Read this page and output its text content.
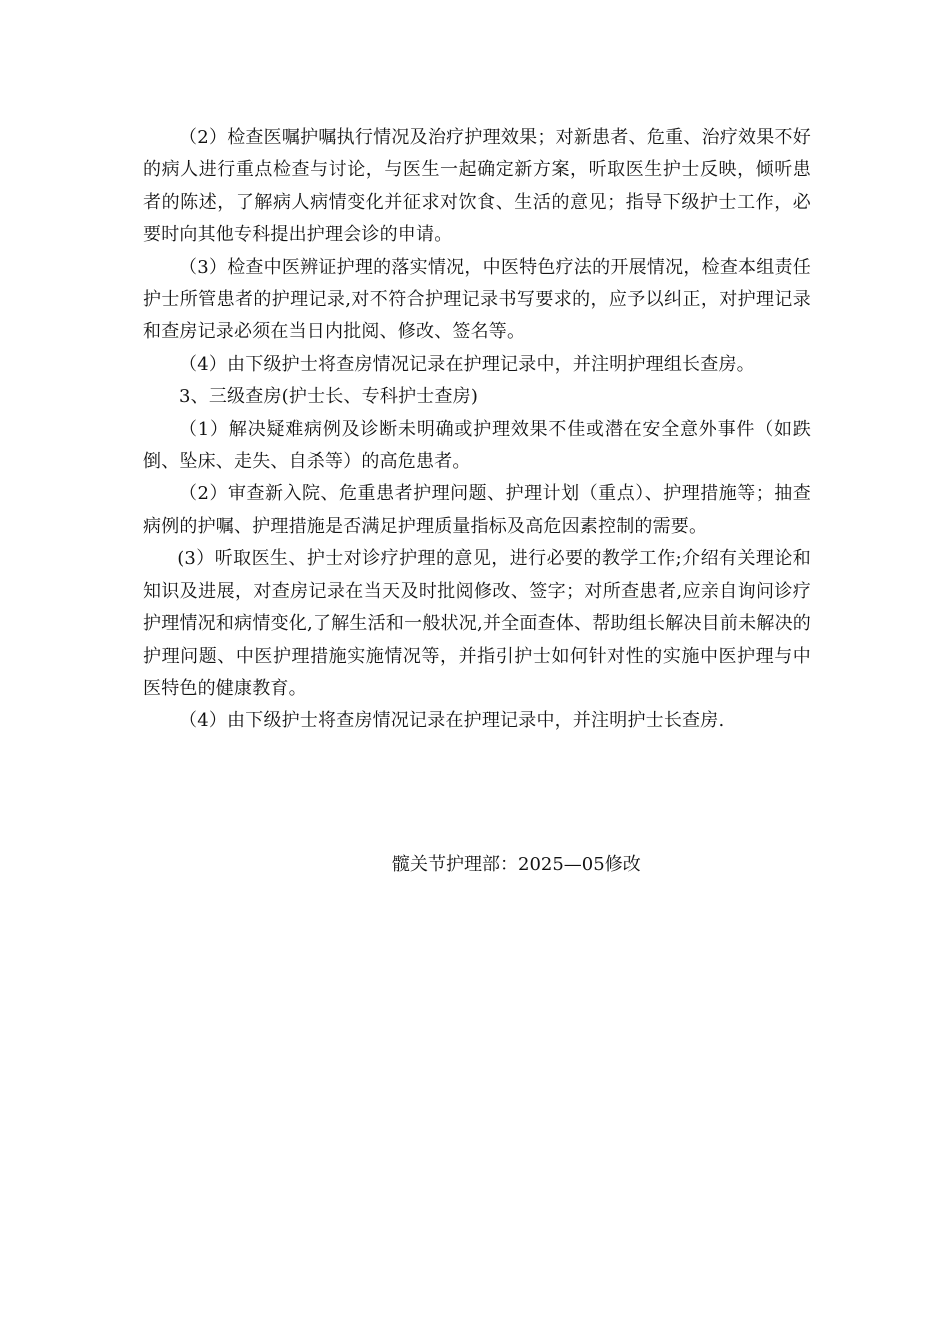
（2）检查医嘱护嘱执行情况及治疗护理效果；对新患者、危重、治疗效果不好的病人进行重点检查与讨论，与医生一起确定新方案，听取医生护士反映，倾听患者的陈述，了解病人病情变化并征求对饮食、生活的意见；指导下级护士工作，必要时向其他专科提出护理会诊的申请。

（3）检查中医辨证护理的落实情况，中医特色疗法的开展情况，检查本组责任护士所管患者的护理记录,对不符合护理记录书写要求的，应予以纠正，对护理记录和查房记录必须在当日内批阅、修改、签名等。

（4）由下级护士将查房情况记录在护理记录中，并注明护理组长查房。

3、三级查房(护士长、专科护士查房)

（1）解决疑难病例及诊断未明确或护理效果不佳或潜在安全意外事件（如跌倒、坠床、走失、自杀等）的高危患者。

（2）审查新入院、危重患者护理问题、护理计划（重点）、护理措施等；抽查病例的护嘱、护理措施是否满足护理质量指标及高危因素控制的需要。

(3）听取医生、护士对诊疗护理的意见，进行必要的教学工作;介绍有关理论和知识及进展，对查房记录在当天及时批阅修改、签字；对所查患者,应亲自询问诊疗护理情况和病情变化,了解生活和一般状况,并全面查体、帮助组长解决目前未解决的护理问题、中医护理措施实施情况等，并指引护士如何针对性的实施中医护理与中医特色的健康教育。

（4）由下级护士将查房情况记录在护理记录中，并注明护士长查房.

髋关节护理部：2025—05修改
